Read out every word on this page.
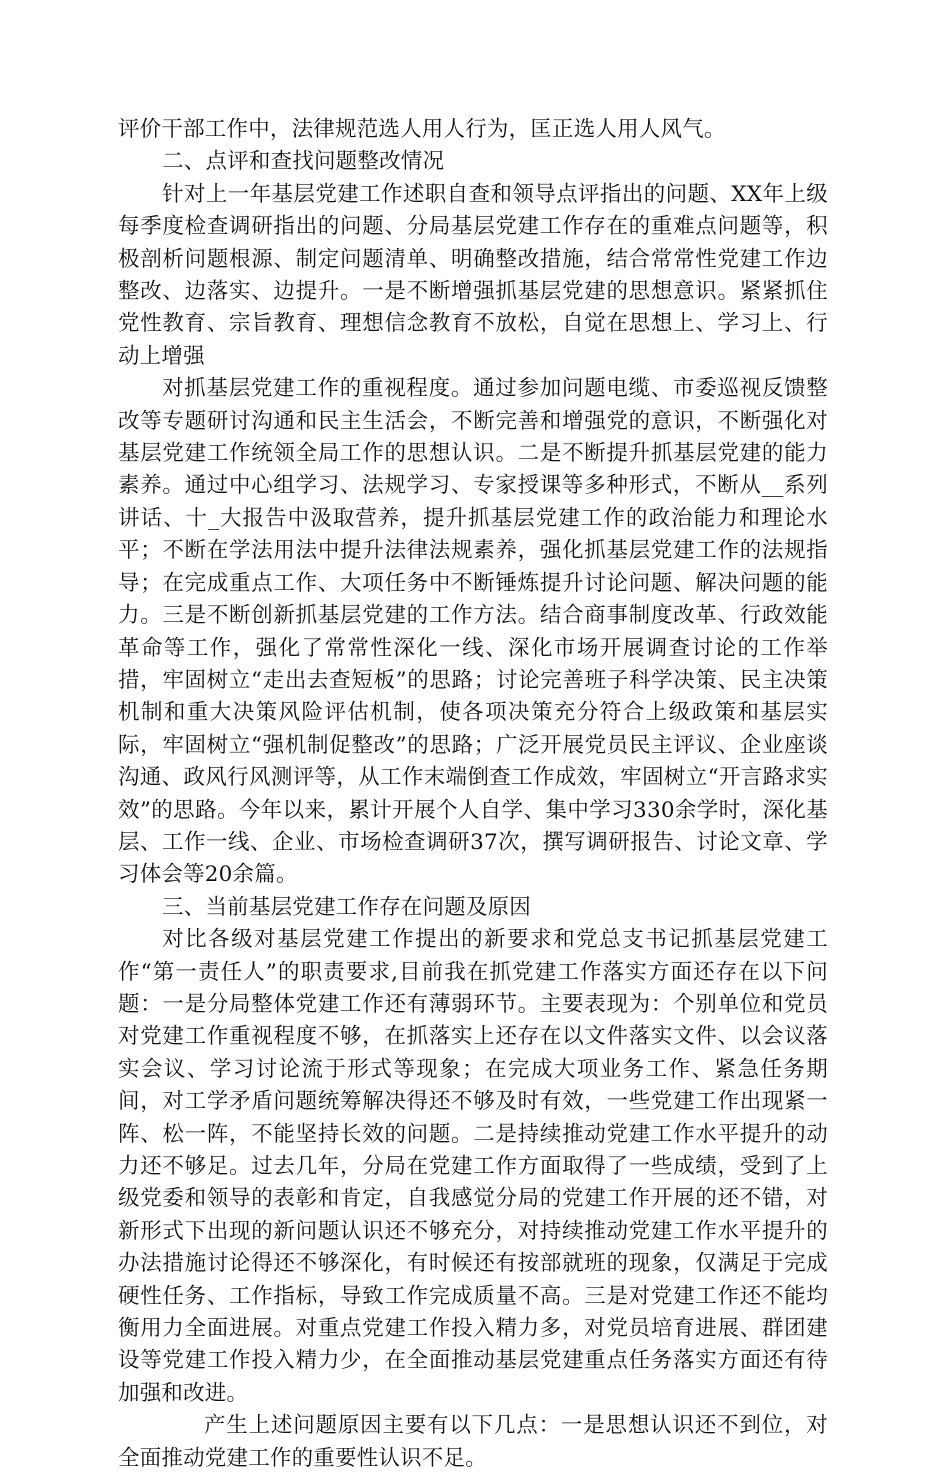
评价干部工作中，法律规范选人用人行为，匡正选人用人风气。

二、点评和查找问题整改情况

针对上一年基层党建工作述职自查和领导点评指出的问题、XX年上级每季度检查调研指出的问题、分局基层党建工作存在的重难点问题等，积极剖析问题根源、制定问题清单、明确整改措施，结合常常性党建工作边整改、边落实、边提升。一是不断增强抓基层党建的思想意识。紧紧抓住党性教育、宗旨教育、理想信念教育不放松，自觉在思想上、学习上、行动上增强

对抓基层党建工作的重视程度。通过参加问题电缆、市委巡视反馈整改等专题研讨沟通和民主生活会，不断完善和增强党的意识，不断强化对基层党建工作统领全局工作的思想认识。二是不断提升抓基层党建的能力素养。通过中心组学习、法规学习、专家授课等多种形式，不断从__系列讲话、十_大报告中汲取营养，提升抓基层党建工作的政治能力和理论水平；不断在学法用法中提升法律法规素养，强化抓基层党建工作的法规指导；在完成重点工作、大项任务中不断锤炼提升讨论问题、解决问题的能力。三是不断创新抓基层党建的工作方法。结合商事制度改革、行政效能革命等工作，强化了常常性深化一线、深化市场开展调查讨论的工作举措，牢固树立“走出去查短板”的思路；讨论完善班子科学决策、民主决策机制和重大决策风险评估机制，使各项决策充分符合上级政策和基层实际，牢固树立“强机制促整改”的思路；广泛开展党员民主评议、企业座谈沟通、政风行风测评等，从工作末端倒查工作成效，牢固树立“开言路求实效”的思路。今年以来，累计开展个人自学、集中学习330余学时，深化基层、工作一线、企业、市场检查调研37次，撰写调研报告、讨论文章、学习体会等20余篇。

三、当前基层党建工作存在问题及原因

对比各级对基层党建工作提出的新要求和党总支书记抓基层党建工作“第一责任人”的职责要求,目前我在抓党建工作落实方面还存在以下问题：一是分局整体党建工作还有薄弱环节。主要表现为：个别单位和党员对党建工作重视程度不够，在抓落实上还存在以文件落实文件、以会议落实会议、学习讨论流于形式等现象；在完成大项业务工作、紧急任务期间，对工学矛盾问题统筹解决得还不够及时有效，一些党建工作出现紧一阵、松一阵，不能坚持长效的问题。二是持续推动党建工作水平提升的动力还不够足。过去几年，分局在党建工作方面取得了一些成绩，受到了上级党委和领导的表彰和肯定，自我感觉分局的党建工作开展的还不错，对新形式下出现的新问题认识还不够充分，对持续推动党建工作水平提升的办法措施讨论得还不够深化，有时候还有按部就班的现象，仅满足于完成硬性任务、工作指标，导致工作完成质量不高。三是对党建工作还不能均衡用力全面进展。对重点党建工作投入精力多，对党员培育进展、群团建设等党建工作投入精力少，在全面推动基层党建重点任务落实方面还有待加强和改进。

产生上述问题原因主要有以下几点：一是思想认识还不到位，对全面推动党建工作的重要性认识不足。
